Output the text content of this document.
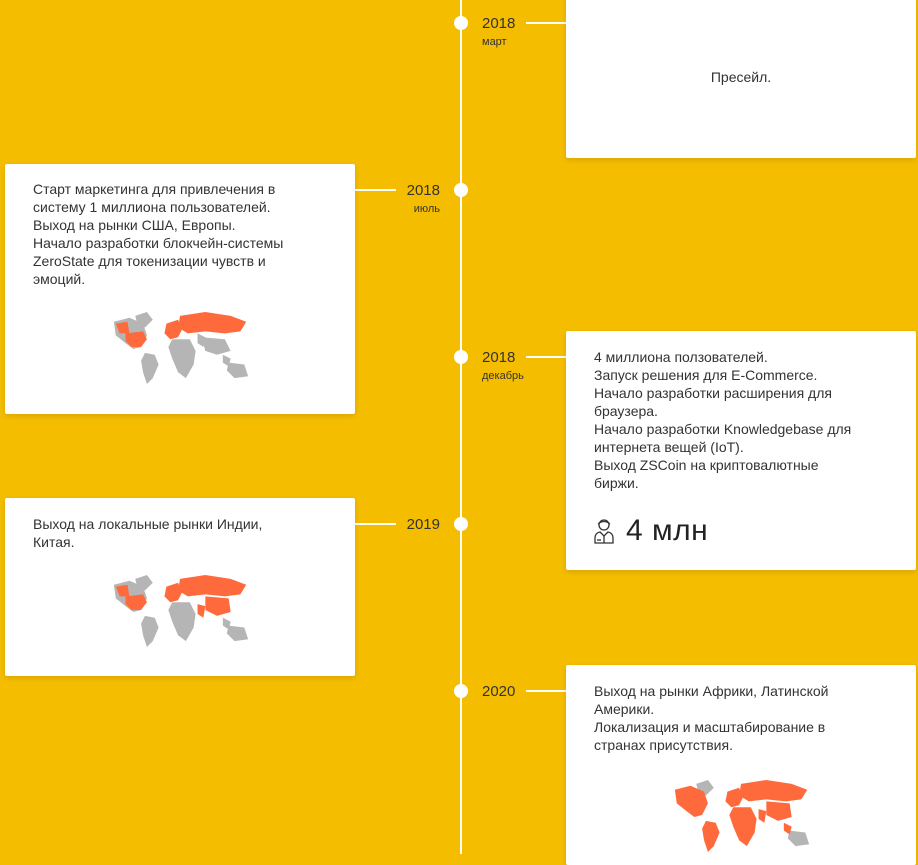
2018
март
Пресейл.
2018
июль
Старт маркетинга для привлечения в
систему 1 миллиона пользователей.
Выход на рынки США, Европы.
Начало разработки блокчейн-системы
ZeroState для токенизации чувств и
эмоций.
2018
декабрь
4 миллиона ползователей.
Запуск решения для E-Commerce.
Начало разработки расширения для
браузера.
Начало разработки Knowledgebase для
интернета вещей (IoT).
Выход ZSCoin на криптовалютные
биржи.
4 млн
2019
Выход на локальные рынки Индии,
Китая.
2020	Выход на рынки Африки, Латинской
Америки.
Локализация и масштабирование в
странах присутствия.
